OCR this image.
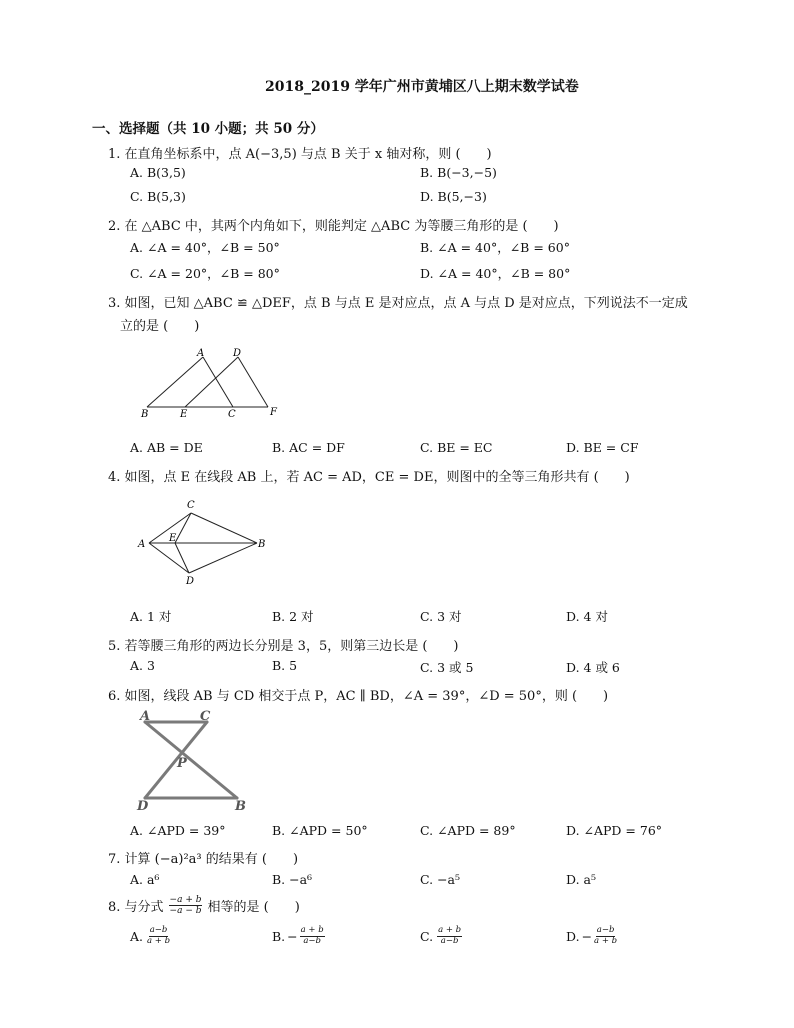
2018_2019 学年广州市黄埔区八上期末数学试卷
一、选择题（共 10 小题；共 50 分）
1. 在直角坐标系中，点 A(−3,5) 与点 B 关于 x 轴对称，则 (　　)
A. B(3,5)	B. B(−3,−5)
C. B(5,3)	D. B(5,−3)
2. 在 △ABC 中，其两个内角如下，则能判定 △ABC 为等腰三角形的是 (　　)
A. ∠A = 40°，∠B = 50°	B. ∠A = 40°，∠B = 60°
C. ∠A = 20°，∠B = 80°	D. ∠A = 40°，∠B = 80°
3. 如图，已知 △ABC ≌ △DEF，点 B 与点 E 是对应点，点 A 与点 D 是对应点，下列说法不一定成
立的是 (　　)
A	D
B	E	C	F
A. AB = DE	B. AC = DF	C. BE = EC	D. BE = CF
4. 如图，点 E 在线段 AB 上，若 AC = AD，CE = DE，则图中的全等三角形共有 (　　)
C
A
E
B
D
A. 1 对	B. 2 对	C. 3 对	D. 4 对
5. 若等腰三角形的两边长分别是 3，5，则第三边长是 (　　)
A. 3	B. 5	C. 3 或 5	D. 4 或 6
6. 如图，线段 AB 与 CD 相交于点 P，AC ∥ BD，∠A = 39°，∠D = 50°，则 (　　)
A	C
P
D	B
A. ∠APD = 39°	B. ∠APD = 50°	C. ∠APD = 89°	D. ∠APD = 76°
7. 计算 (−a)²a³ 的结果有 (　　)
A. a⁶	B. −a⁶	C. −a⁵	D. a⁵
8. 与分式 $\frac{-a + b}{-a - b}$ 相等的是 (　　)
A. $\frac{a-b}{a + b}$	B. − $\frac{a + b}{a-b}$	C. $\frac{a + b}{a-b}$	D. − $\frac{a-b}{a + b}$
